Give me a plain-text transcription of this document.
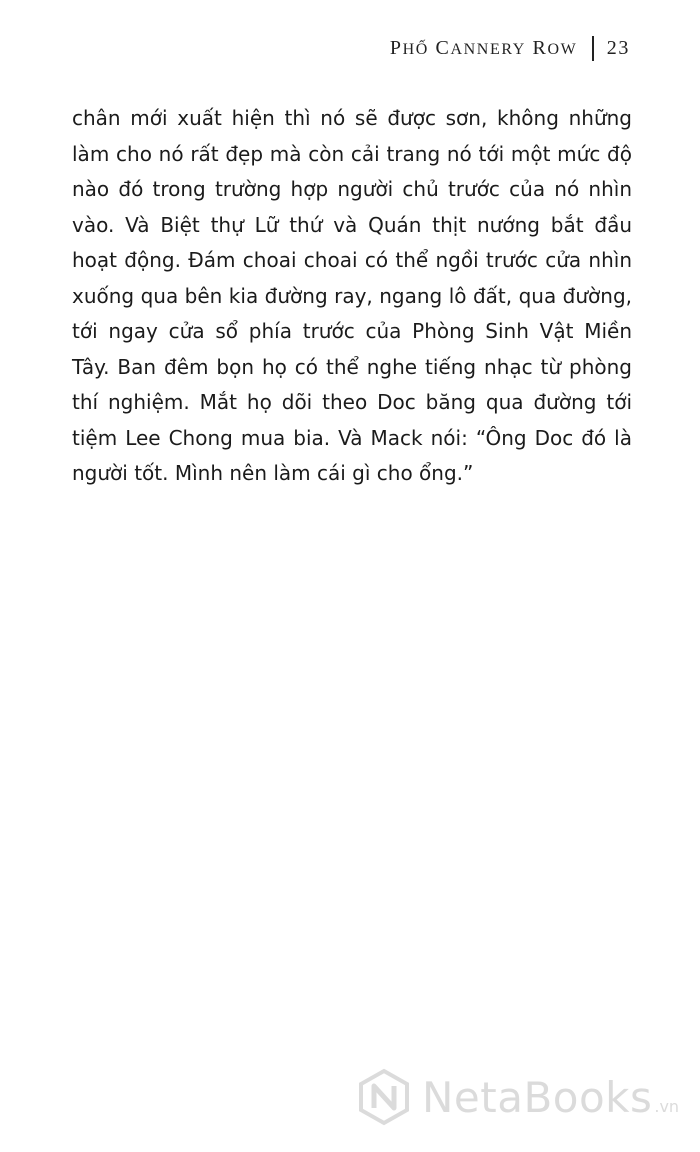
PHỐ CANNERY ROW 23

chân mới xuất hiện thì nó sẽ được sơn, không những
làm cho nó rất đẹp mà còn cải trang nó tới một mức độ
nào đó trong trường hợp người chủ trước của nó nhìn
vào. Và Biệt thự Lữ thứ và Quán thịt nướng bắt đầu
hoạt động. Đám choai choai có thể ngồi trước cửa nhìn
xuống qua bên kia đường ray, ngang lô đất, qua đường,
tới ngay cửa sổ phía trước của Phòng Sinh Vật Miền
Tây. Ban đêm bọn họ có thể nghe tiếng nhạc từ phòng
thí nghiệm. Mắt họ dõi theo Doc băng qua đường tới
tiệm Lee Chong mua bia. Và Mack nói: “Ông Doc đó là
người tốt. Mình nên làm cái gì cho ổng.”

NetaBooks .vn
